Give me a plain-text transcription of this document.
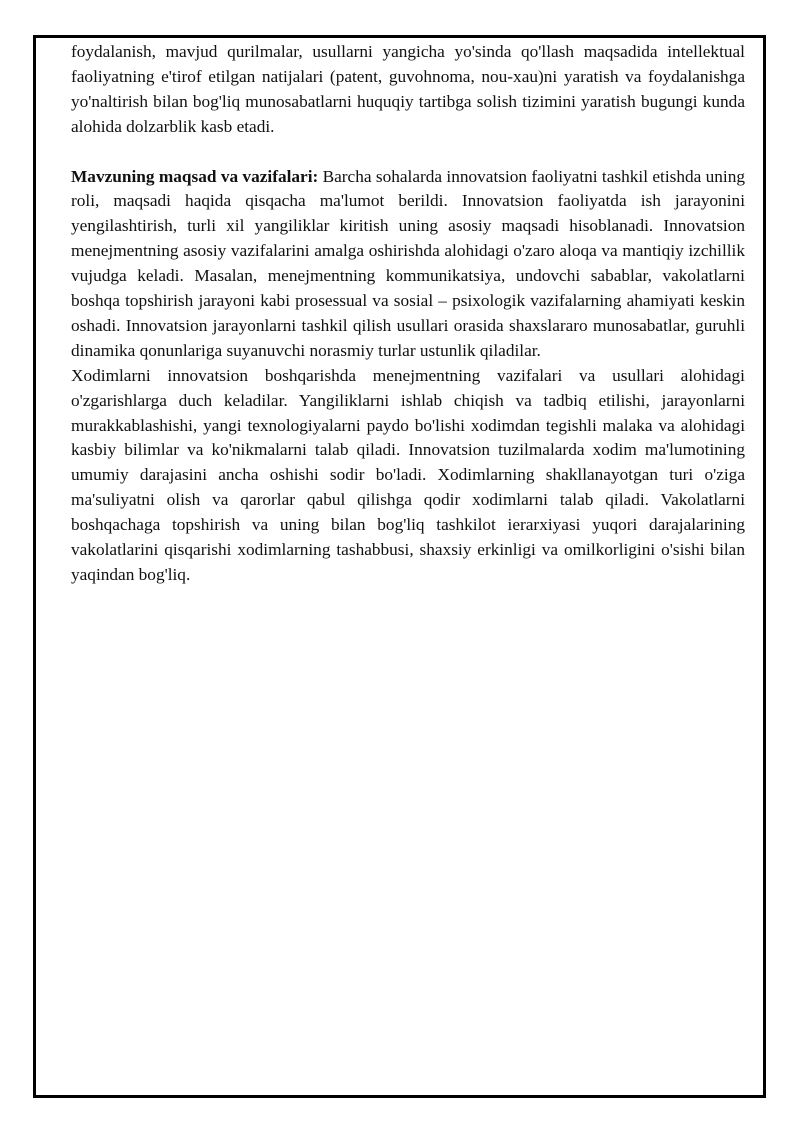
foydalanish, mavjud qurilmalar, usullarni yangicha yo'sinda qo'llash maqsadida intellektual faoliyatning e'tirof etilgan natijalari (patent, guvohnoma, nou-xau)ni yaratish va foydalanishga yo'naltirish bilan bog'liq munosabatlarni huquqiy tartibga solish tizimini yaratish bugungi kunda alohida dolzarblik kasb etadi.

Mavzuning maqsad va vazifalari: Barcha sohalarda innovatsion faoliyatni tashkil etishda uning roli, maqsadi haqida qisqacha ma'lumot berildi. Innovatsion faoliyatda ish jarayonini yengilashtirish, turli xil yangiliklar kiritish uning asosiy maqsadi hisoblanadi. Innovatsion menejmentning asosiy vazifalarini amalga oshirishda alohidagi o'zaro aloqa va mantiqiy izchillik vujudga keladi. Masalan, menejmentning kommunikatsiya, undovchi sabablar, vakolatlarni boshqa topshirish jarayoni kabi prosessual va sosial – psixologik vazifalarning ahamiyati keskin oshadi. Innovatsion jarayonlarni tashkil qilish usullari orasida shaxslararo munosabatlar, guruhli dinamika qonunlariga suyanuvchi norasmiy turlar ustunlik qiladilar.

Xodimlarni innovatsion boshqarishda menejmentning vazifalari va usullari alohidagi o'zgarishlarga duch keladilar. Yangiliklarni ishlab chiqish va tadbiq etilishi, jarayonlarni murakkablashishi, yangi texnologiyalarni paydo bo'lishi xodimdan tegishli malaka va alohidagi kasbiy bilimlar va ko'nikmalarni talab qiladi. Innovatsion tuzilmalarda xodim ma'lumotining umumiy darajasini ancha oshishi sodir bo'ladi. Xodimlarning shakllanayotgan turi o'ziga ma'suliyatni olish va qarorlar qabul qilishga qodir xodimlarni talab qiladi. Vakolatlarni boshqachaga topshirish va uning bilan bog'liq tashkilot ierarxiyasi yuqori darajalarining vakolatlarini qisqarishi xodimlarning tashabbusi, shaxsiy erkinligi va omilkorligini o'sishi bilan yaqindan bog'liq.
